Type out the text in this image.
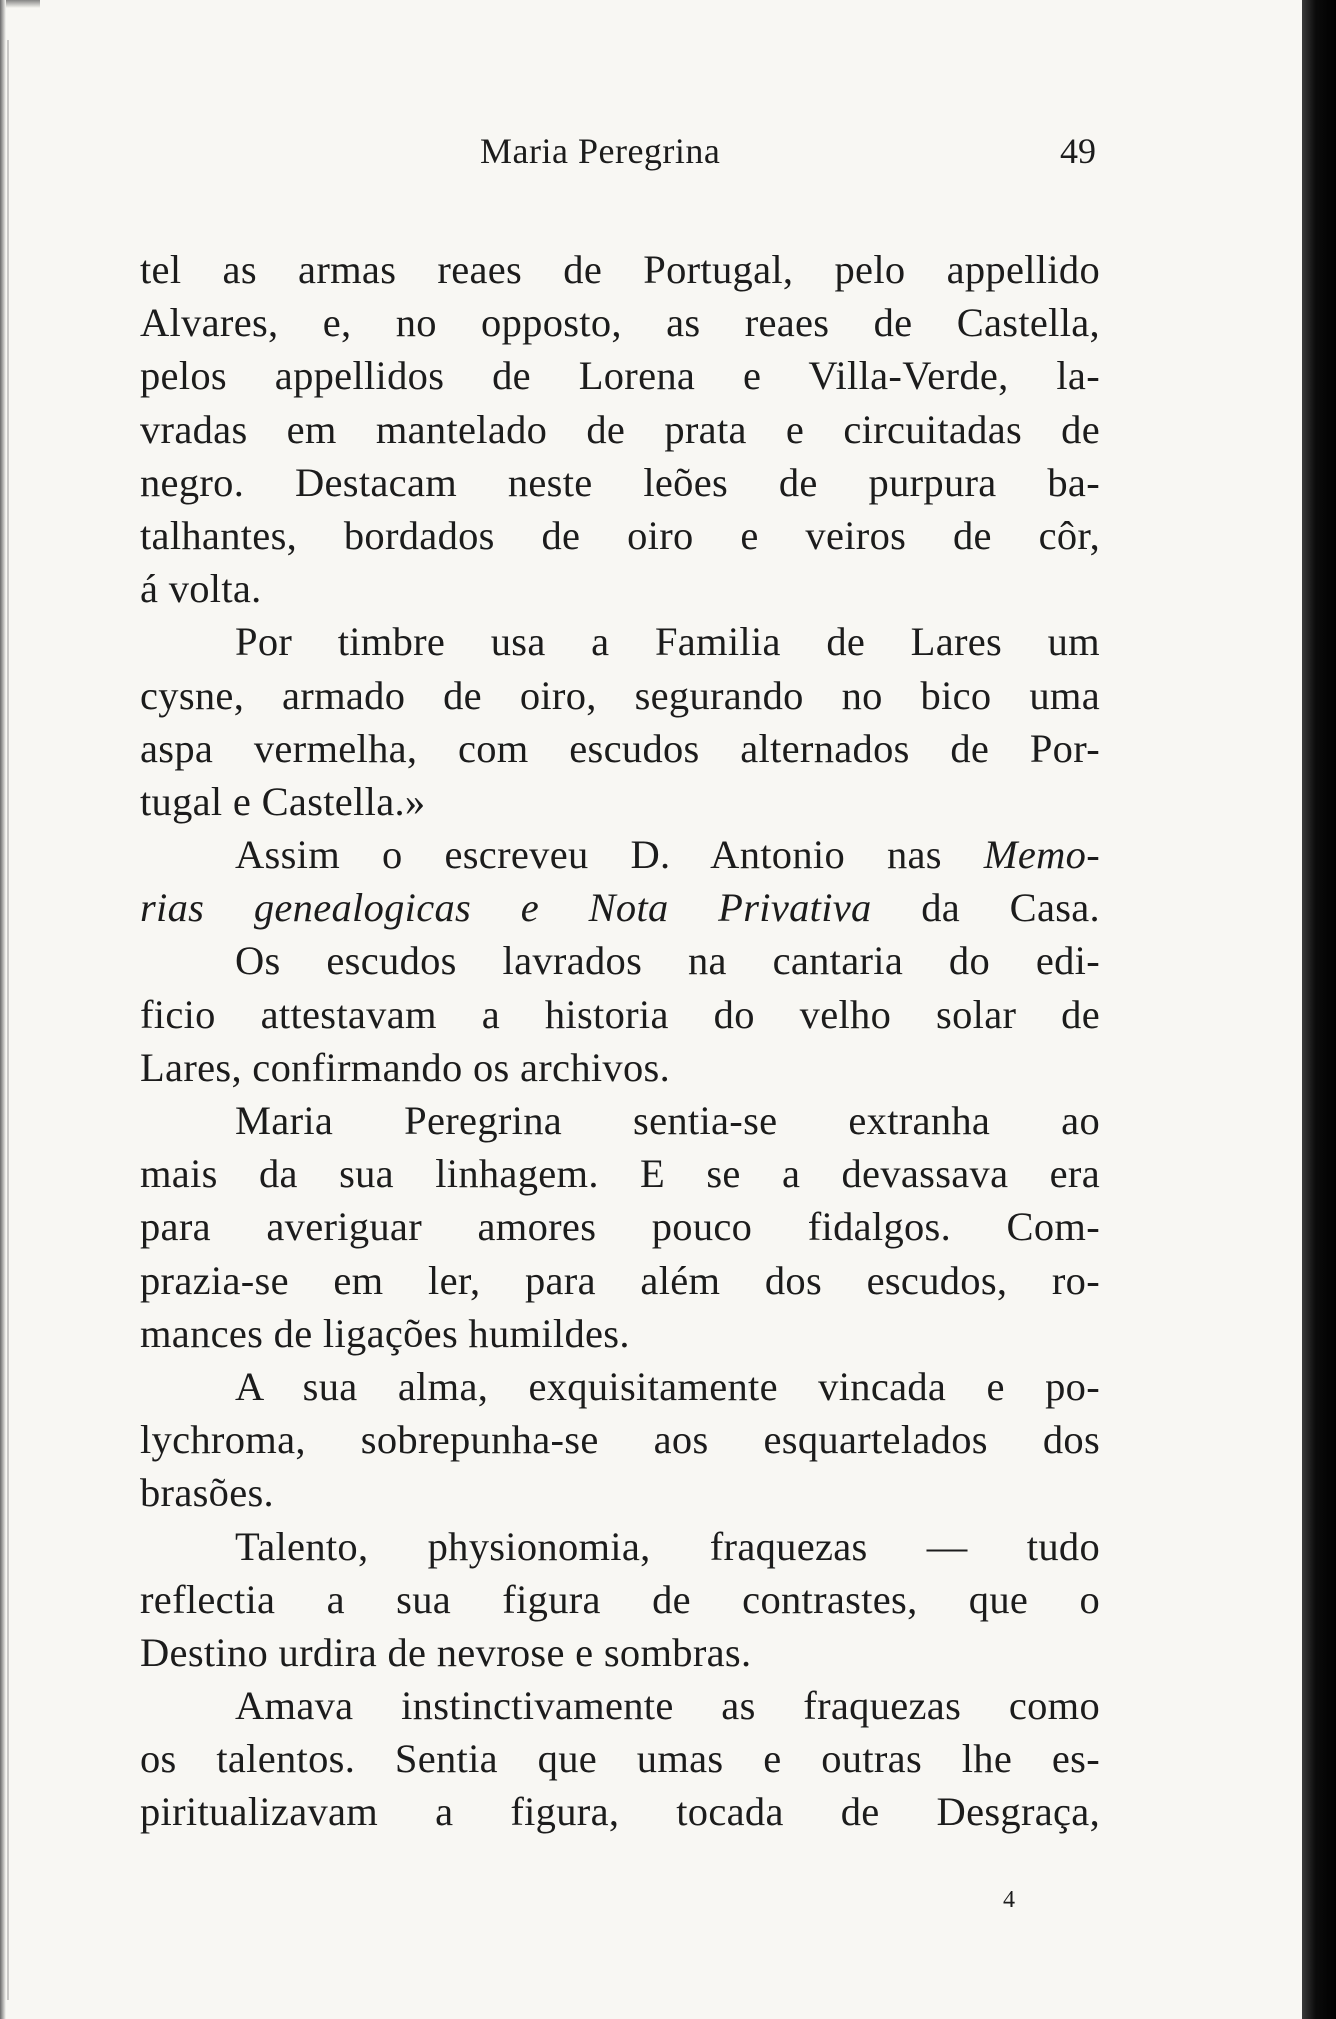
Maria Peregrina	49
tel as armas reaes de Portugal, pelo appellido
Alvares, e, no opposto, as reaes de Castella,
pelos appellidos de Lorena e Villa-Verde, la-
vradas em mantelado de prata e circuitadas de
negro. Destacam neste leões de purpura ba-
talhantes, bordados de oiro e veiros de côr,
á volta.
Por timbre usa a Familia de Lares um
cysne, armado de oiro, segurando no bico uma
aspa vermelha, com escudos alternados de Por-
tugal e Castella.»
Assim o escreveu D. Antonio nas Memo-
rias genealogicas e Nota Privativa da Casa.
Os escudos lavrados na cantaria do edi-
ficio attestavam a historia do velho solar de
Lares, confirmando os archivos.
Maria Peregrina sentia-se extranha ao
mais da sua linhagem. E se a devassava era
para averiguar amores pouco fidalgos. Com-
prazia-se em ler, para além dos escudos, ro-
mances de ligações humildes.
A sua alma, exquisitamente vincada e po-
lychroma, sobrepunha-se aos esquartelados dos
brasões.
Talento, physionomia, fraquezas — tudo
reflectia a sua figura de contrastes, que o
Destino urdira de nevrose e sombras.
Amava instinctivamente as fraquezas como
os talentos. Sentia que umas e outras lhe es-
piritualizavam a figura, tocada de Desgraça,
4
